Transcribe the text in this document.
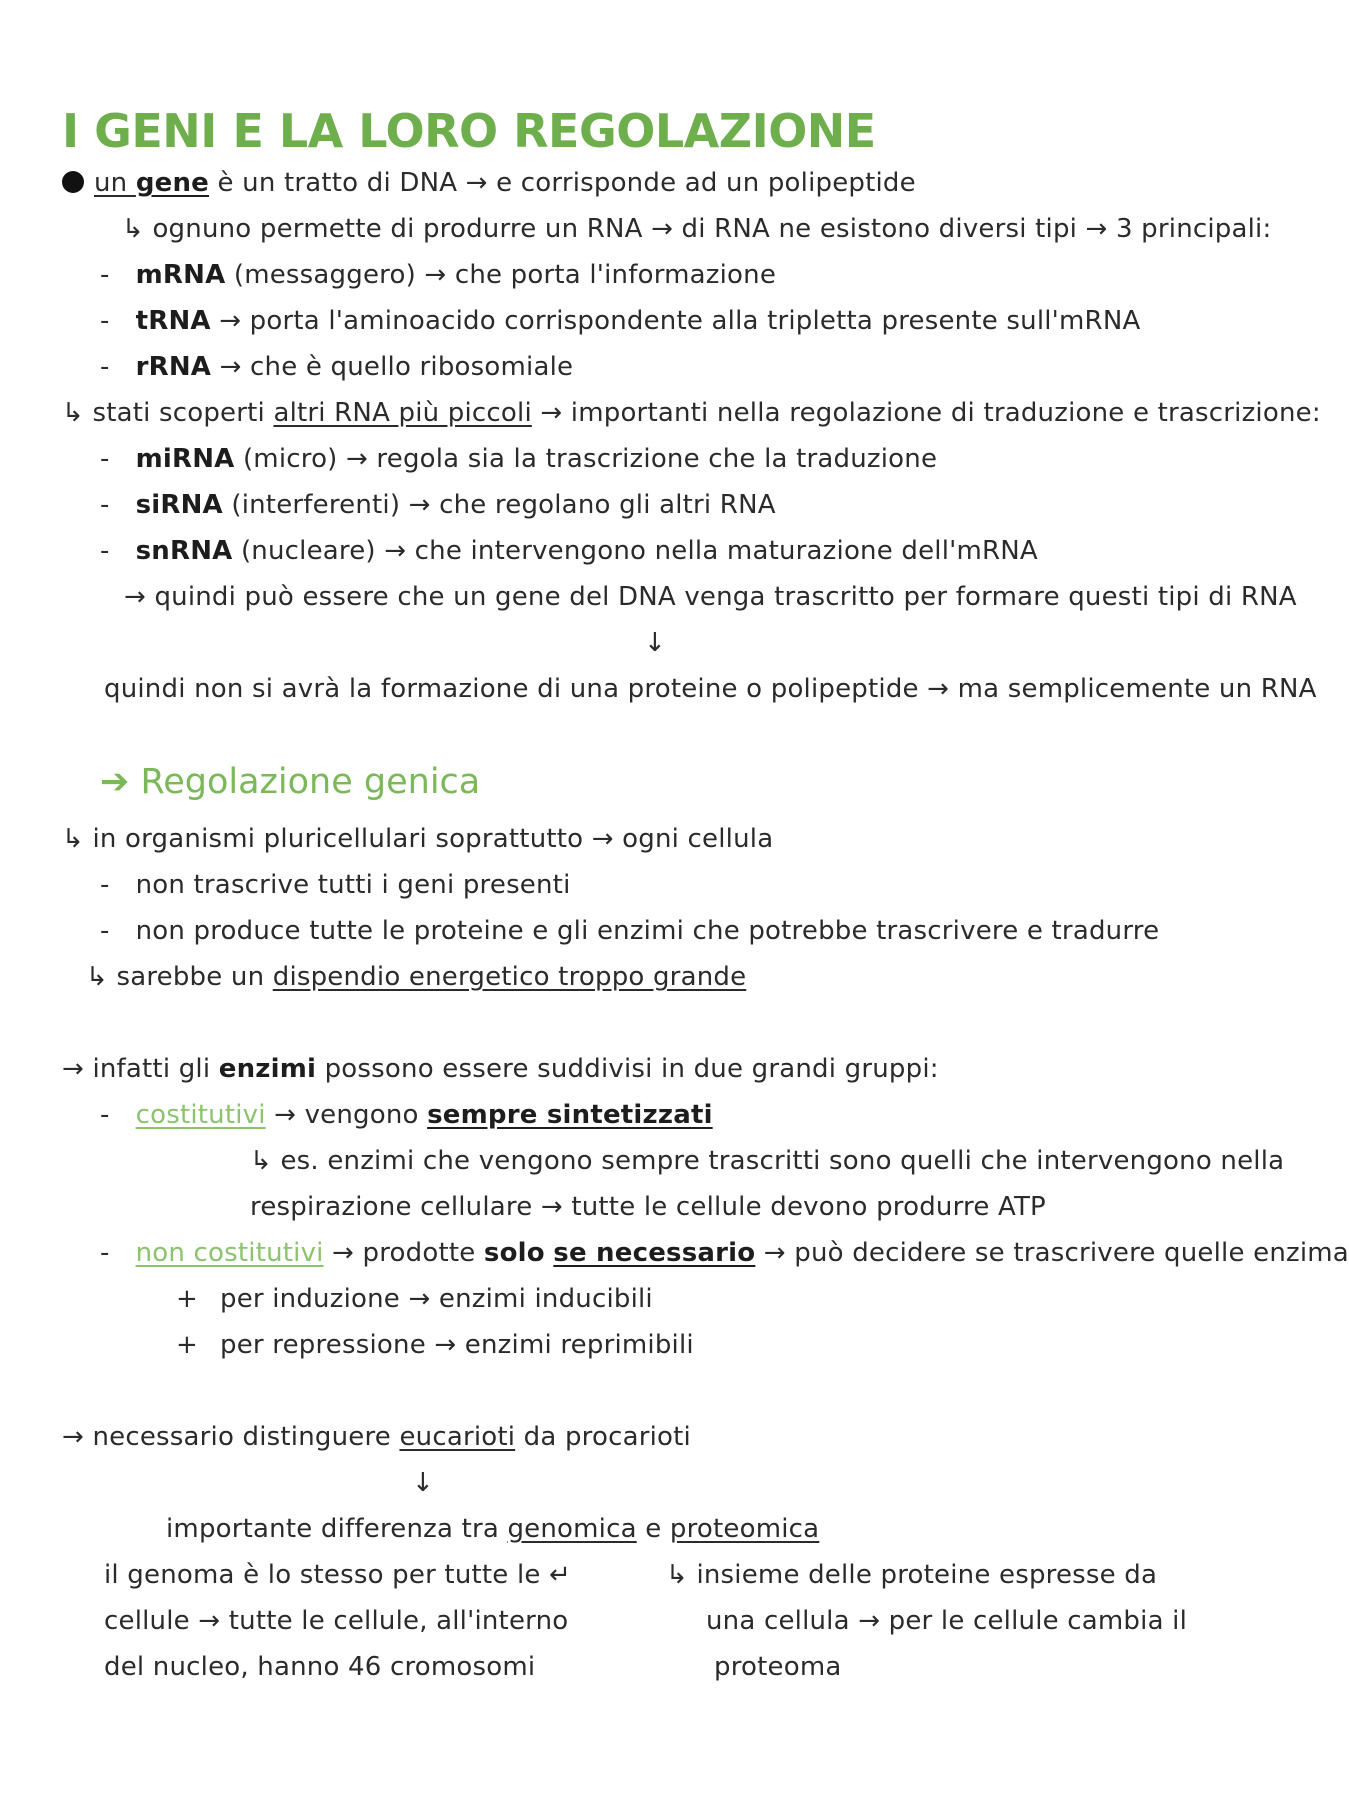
I GENI E LA LORO REGOLAZIONE
un gene è un tratto di DNA → e corrisponde ad un polipeptide
↳ ognuno permette di produrre un RNA → di RNA ne esistono diversi tipi → 3 principali:
- mRNA (messaggero) → che porta l'informazione
- tRNA → porta l'aminoacido corrispondente alla tripletta presente sull'mRNA
- rRNA → che è quello ribosomiale
↳ stati scoperti altri RNA più piccoli → importanti nella regolazione di traduzione e trascrizione:
- miRNA (micro) → regola sia la trascrizione che la traduzione
- siRNA (interferenti) → che regolano gli altri RNA
- snRNA (nucleare) → che intervengono nella maturazione dell'mRNA
→ quindi può essere che un gene del DNA venga trascritto per formare questi tipi di RNA
↓
quindi non si avrà la formazione di una proteine o polipeptide → ma semplicemente un RNA
➔ Regolazione genica
↳ in organismi pluricellulari soprattutto → ogni cellula
- non trascrive tutti i geni presenti
- non produce tutte le proteine e gli enzimi che potrebbe trascrivere e tradurre
↳ sarebbe un dispendio energetico troppo grande
→ infatti gli enzimi possono essere suddivisi in due grandi gruppi:
- costitutivi → vengono sempre sintetizzati
↳ es. enzimi che vengono sempre trascritti sono quelli che intervengono nella
respirazione cellulare → tutte le cellule devono produrre ATP
- non costitutivi → prodotte solo se necessario → può decidere se trascrivere quelle enzima
+ per induzione → enzimi inducibili
+ per repressione → enzimi reprimibili
→ necessario distinguere eucarioti da procarioti
↓
importante differenza tra genomica e proteomica
il genoma è lo stesso per tutte le ↵
cellule → tutte le cellule, all'interno
del nucleo, hanno 46 cromosomi
↳ insieme delle proteine espresse da
una cellula → per le cellule cambia il
proteoma
